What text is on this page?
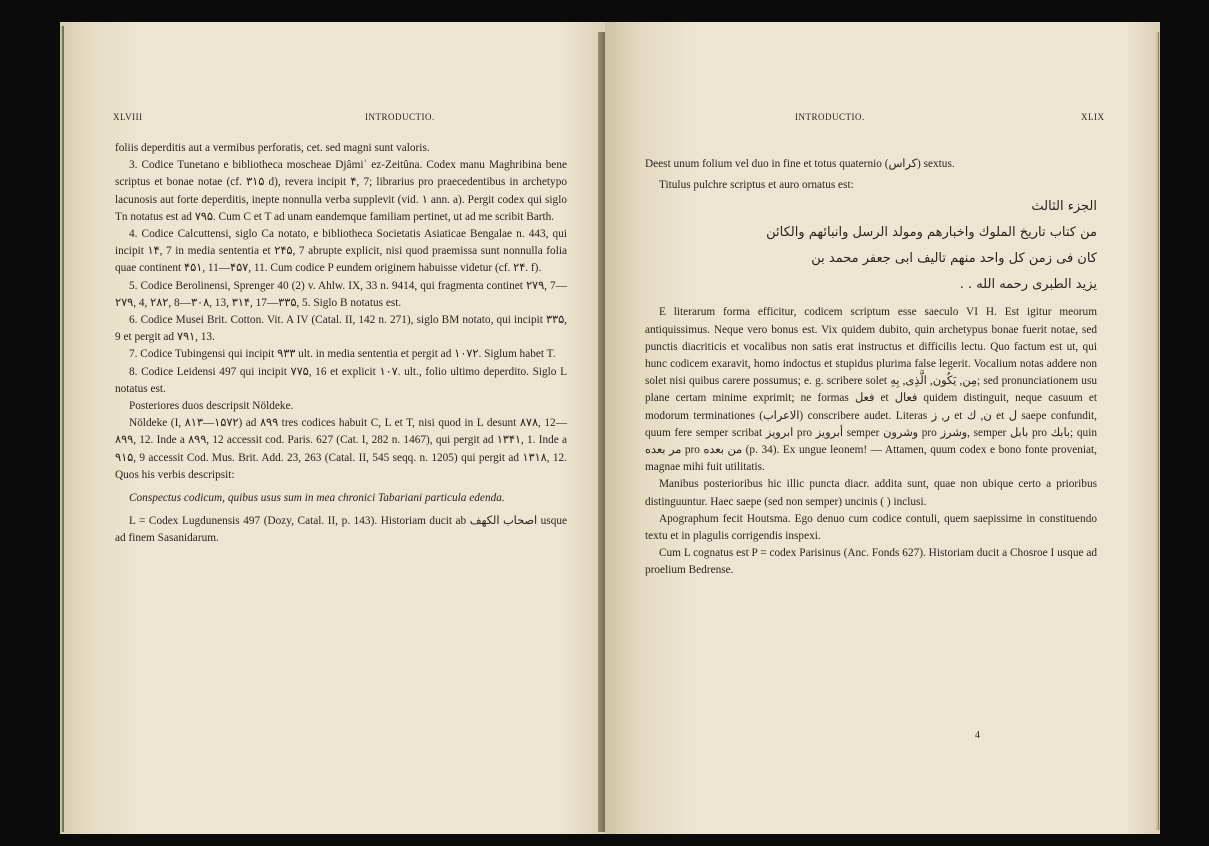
XLVIII	INTRODUCTIO.

foliis deperditis aut a vermibus perforatis, cet. sed magni sunt valoris.

3. Codice Tunetano e bibliotheca moscheae Djâmiʿ ez-Zeitûna. Codex manu Maghribina bene scriptus et bonae notae (cf. ۳۱۵ d), revera incipit ۴, 7; librarius pro praecedentibus in archetypo lacunosis aut forte deperditis, inepte nonnulla verba supplevit (vid. ۱ ann. a). Pergit codex qui siglo Tn notatus est ad ۷۹۵. Cum C et T ad unam eandemque familiam pertinet, ut ad me scribit Barth.

4. Codice Calcuttensi, siglo Ca notato, e bibliotheca Societatis Asiaticae Bengalae n. 443, qui incipit ۱۴, 7 in media sententia et ۲۴۵, 7 abrupte explicit, nisi quod praemissa sunt nonnulla folia quae continent ۴۵۱, 11—۴۵۷, 11. Cum codice P eundem originem habuisse videtur (cf. ۲۴. f).

5. Codice Berolinensi, Sprenger 40 (2) v. Ahlw. IX, 33 n. 9414, qui fragmenta continet ۲۷۹, 7—۲۷۹, 4, ۲۸۲, 8—۳۰۸, 13, ۳۱۴, 17—۳۳۵, 5. Siglo B notatus est.

6. Codice Musei Brit. Cotton. Vit. A IV (Catal. II, 142 n. 271), siglo BM notato, qui incipit ۳۳۵, 9 et pergit ad ۷۹۱, 13.

7. Codice Tubingensi qui incipit ۹۳۳ ult. in media sententia et pergit ad ۱۰۷۲. Siglum habet T.

8. Codice Leidensi 497 qui incipit ۷۷۵, 16 et explicit ۱۰۷. ult., folio ultimo deperdito. Siglo L notatus est.

Posteriores duos descripsit Nöldeke.

Nöldeke (I, ۸۱۳—۱۵۷۲) ad ۸۹۹ tres codices habuit C, L et T, nisi quod in L desunt ۸۷۸, 12—۸۹۹, 12. Inde a ۸۹۹, 12 accessit cod. Paris. 627 (Cat. I, 282 n. 1467), qui pergit ad ۱۳۴۱, 1. Inde a ۹۱۵, 9 accessit Cod. Mus. Brit. Add. 23, 263 (Catal. II, 545 seqq. n. 1205) qui pergit ad ۱۳۱۸, 12. Quos his verbis descripsit:

Conspectus codicum, quibus usus sum in mea chronici Tabariani particula edenda.

L = Codex Lugdunensis 497 (Dozy, Catal. II, p. 143). Historiam ducit ab اصحاب الكهف usque ad finem Sasanidarum.

INTRODUCTIO.	XLIX

Deest unum folium vel duo in fine et totus quaternio (كراس) sextus.

Titulus pulchre scriptus et auro ornatus est:

الجزء الثالث
من كتاب تاريخ الملوك واخبارهم ومولد الرسل وانبائهم والكائن
كان فى زمن كل واحد منهم تاليف ابى جعفر محمد بن
يزيد الطبرى رحمه الله . .

E literarum forma efficitur, codicem scriptum esse saeculo VI H. Est igitur meorum antiquissimus. Neque vero bonus est. Vix quidem dubito, quin archetypus bonae fuerit notae, sed punctis diacriticis et vocalibus non satis erat instructus et difficilis lectu. Quo factum est ut, qui hunc codicem exaravit, homo indoctus et stupidus plurima false legerit. Vocalium notas addere non solet nisi quibus carere possumus; e. g. scribere solet مِن, يَكُون, الَّذِى, بِهِ; sed pronunciationem usu plane certam minime exprimit; ne formas فعل et فعال quidem distinguit, neque casuum et modorum terminationes (الاعراب) conscribere audet. Literas ر, ز et ن, ك et ل saepe confundit, quum fere semper scribat ابرويز pro أبرويز semper وشرون pro وشرز, semper بابل pro بابك; quin مر بعده pro من بعده (p. 34). Ex ungue leonem! — Attamen, quum codex e bono fonte proveniat, magnae mihi fuit utilitatis.

Manibus posterioribus hic illic puncta diacr. addita sunt, quae non ubique certo a prioribus distinguuntur. Haec saepe (sed non semper) uncinis ( ) inclusi.

Apographum fecit Houtsma. Ego denuo cum codice contuli, quem saepissime in constituendo textu et in plagulis corrigendis inspexi.

Cum L cognatus est P = codex Parisinus (Anc. Fonds 627). Historiam ducit a Chosroe I usque ad proelium Bedrense.

4
